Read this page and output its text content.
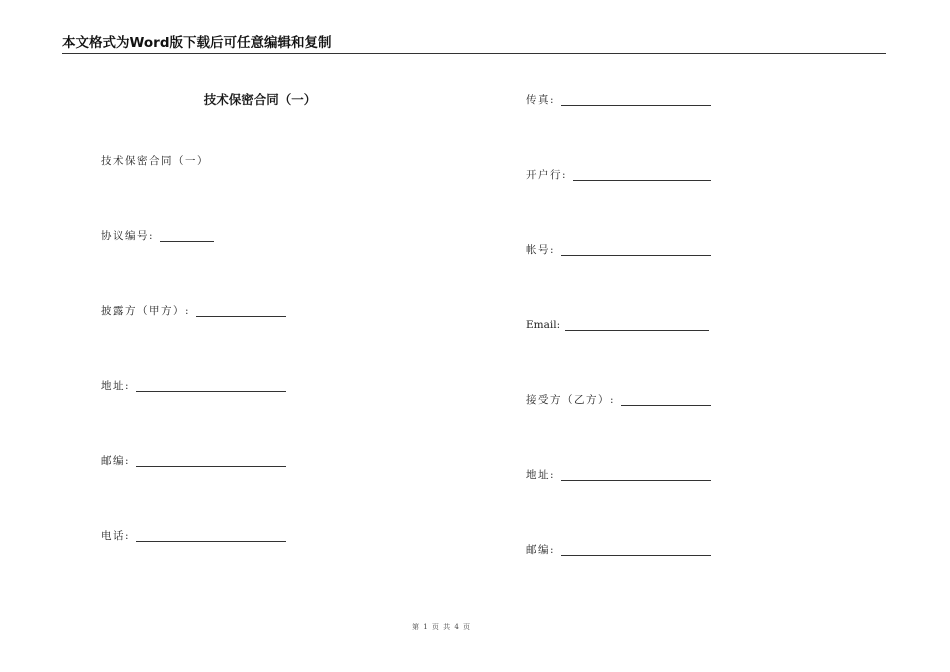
本文格式为Word版下载后可任意编辑和复制
技术保密合同（一）
技术保密合同（一）
协议编号:
披露方（甲方）:
地址:
邮编:
电话:
传真:
开户行:
帐号:
Email:
接受方（乙方）:
地址:
邮编:
第 1 页 共 4 页
